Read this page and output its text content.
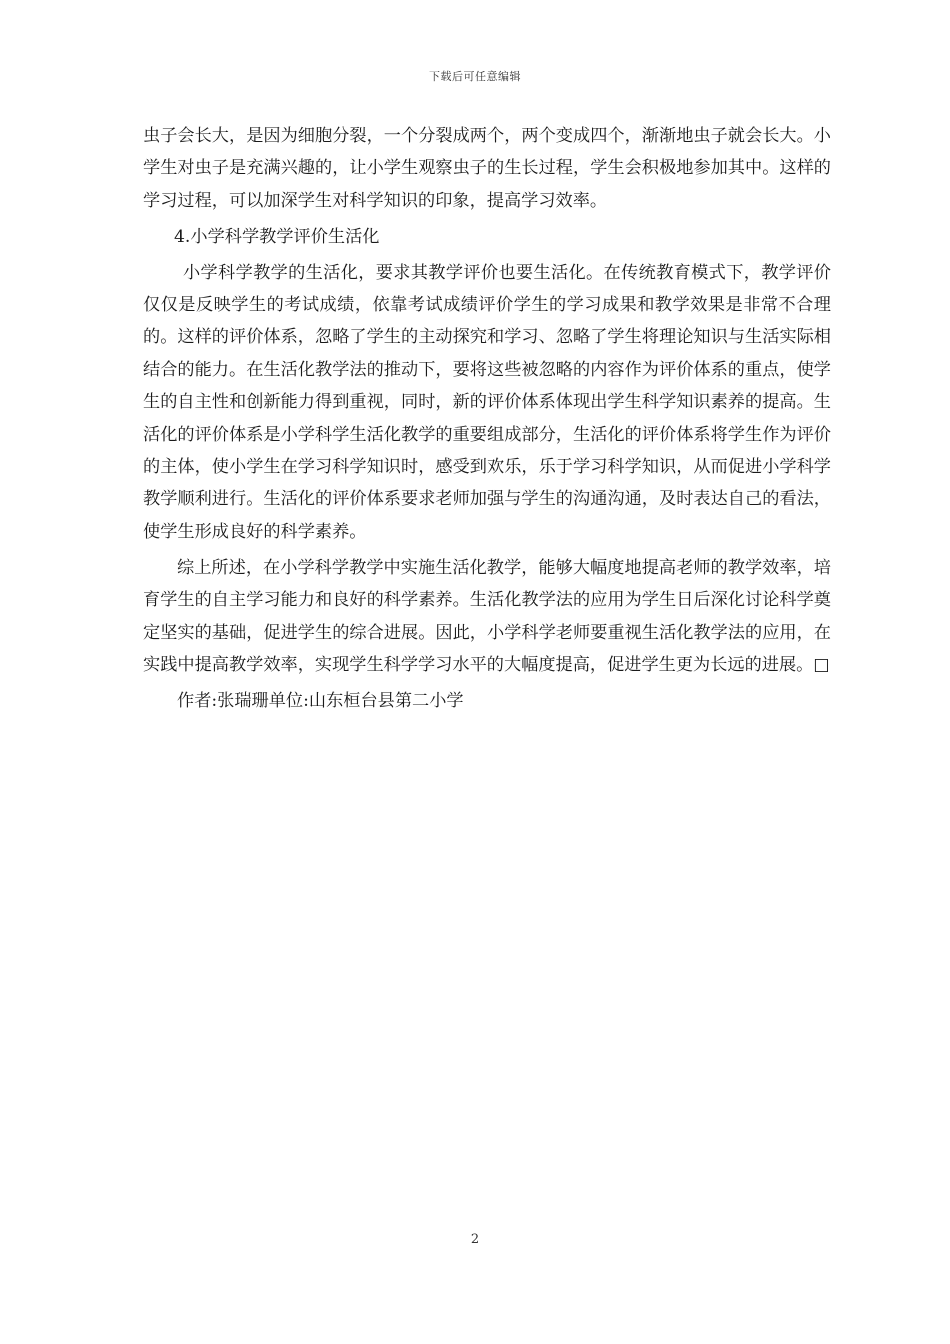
下载后可任意编辑

虫子会长大，是因为细胞分裂，一个分裂成两个，两个变成四个，渐渐地虫子就会长大。小学生对虫子是充满兴趣的，让小学生观察虫子的生长过程，学生会积极地参加其中。这样的学习过程，可以加深学生对科学知识的印象，提高学习效率。

4.小学科学教学评价生活化

小学科学教学的生活化，要求其教学评价也要生活化。在传统教育模式下，教学评价仅仅是反映学生的考试成绩，依靠考试成绩评价学生的学习成果和教学效果是非常不合理的。这样的评价体系，忽略了学生的主动探究和学习、忽略了学生将理论知识与生活实际相结合的能力。在生活化教学法的推动下，要将这些被忽略的内容作为评价体系的重点，使学生的自主性和创新能力得到重视，同时，新的评价体系体现出学生科学知识素养的提高。生活化的评价体系是小学科学生活化教学的重要组成部分，生活化的评价体系将学生作为评价的主体，使小学生在学习科学知识时，感受到欢乐，乐于学习科学知识，从而促进小学科学教学顺利进行。生活化的评价体系要求老师加强与学生的沟通沟通，及时表达自己的看法，使学生形成良好的科学素养。

综上所述，在小学科学教学中实施生活化教学，能够大幅度地提高老师的教学效率，培育学生的自主学习能力和良好的科学素养。生活化教学法的应用为学生日后深化讨论科学奠定坚实的基础，促进学生的综合进展。因此，小学科学老师要重视生活化教学法的应用，在实践中提高教学效率，实现学生科学学习水平的大幅度提高，促进学生更为长远的进展。□

作者:张瑞珊单位:山东桓台县第二小学

2
